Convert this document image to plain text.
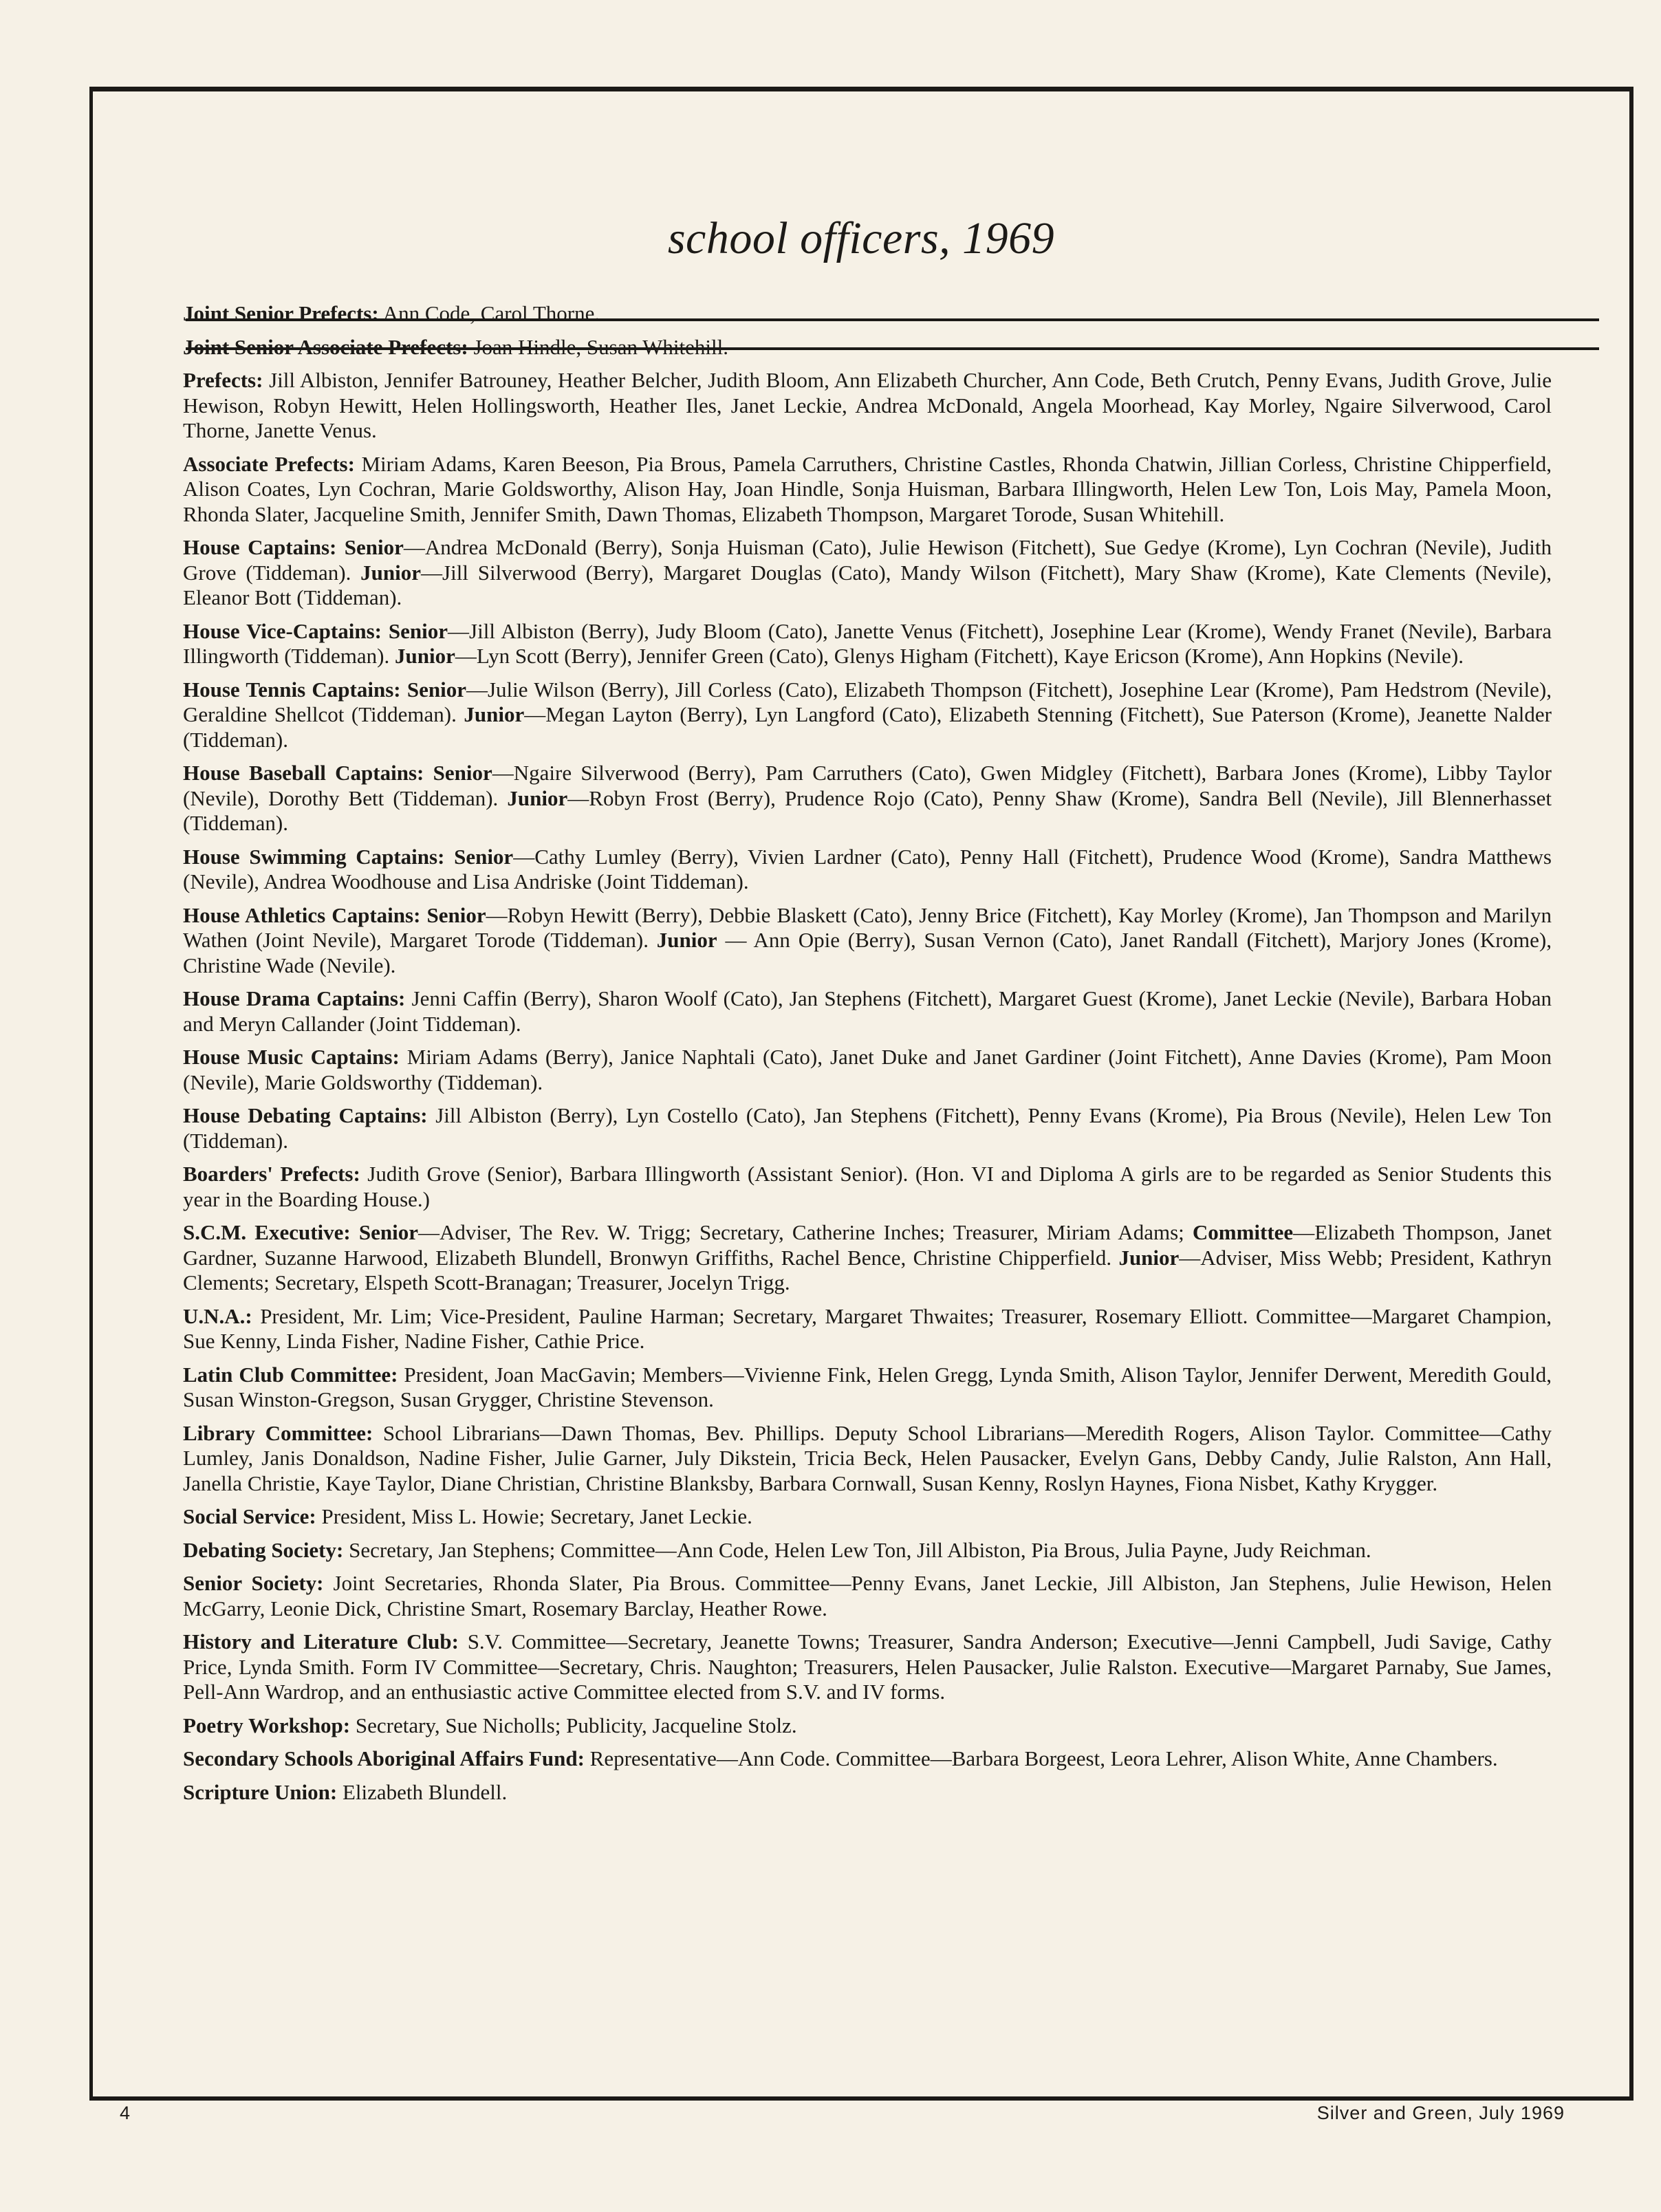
school officers, 1969

Joint Senior Prefects: Ann Code, Carol Thorne.

Joint Senior Associate Prefects: Joan Hindle, Susan Whitehill.

Prefects: Jill Albiston, Jennifer Batrouney, Heather Belcher, Judith Bloom, Ann Elizabeth Churcher, Ann Code, Beth Crutch, Penny Evans, Judith Grove, Julie Hewison, Robyn Hewitt, Helen Hollingsworth, Heather Iles, Janet Leckie, Andrea McDonald, Angela Moorhead, Kay Morley, Ngaire Silverwood, Carol Thorne, Janette Venus.

Associate Prefects: Miriam Adams, Karen Beeson, Pia Brous, Pamela Carruthers, Christine Castles, Rhonda Chatwin, Jillian Corless, Christine Chipperfield, Alison Coates, Lyn Cochran, Marie Goldsworthy, Alison Hay, Joan Hindle, Sonja Huisman, Barbara Illingworth, Helen Lew Ton, Lois May, Pamela Moon, Rhonda Slater, Jacqueline Smith, Jennifer Smith, Dawn Thomas, Elizabeth Thompson, Margaret Torode, Susan Whitehill.

House Captains: Senior—Andrea McDonald (Berry), Sonja Huisman (Cato), Julie Hewison (Fitchett), Sue Gedye (Krome), Lyn Cochran (Nevile), Judith Grove (Tiddeman). Junior—Jill Silverwood (Berry), Margaret Douglas (Cato), Mandy Wilson (Fitchett), Mary Shaw (Krome), Kate Clements (Nevile), Eleanor Bott (Tiddeman).

House Vice-Captains: Senior—Jill Albiston (Berry), Judy Bloom (Cato), Janette Venus (Fitchett), Josephine Lear (Krome), Wendy Franet (Nevile), Barbara Illingworth (Tiddeman). Junior—Lyn Scott (Berry), Jennifer Green (Cato), Glenys Higham (Fitchett), Kaye Ericson (Krome), Ann Hopkins (Nevile).

House Tennis Captains: Senior—Julie Wilson (Berry), Jill Corless (Cato), Elizabeth Thompson (Fitchett), Josephine Lear (Krome), Pam Hedstrom (Nevile), Geraldine Shellcot (Tiddeman). Junior—Megan Layton (Berry), Lyn Langford (Cato), Elizabeth Stenning (Fitchett), Sue Paterson (Krome), Jeanette Nalder (Tiddeman).

House Baseball Captains: Senior—Ngaire Silverwood (Berry), Pam Carruthers (Cato), Gwen Midgley (Fitchett), Barbara Jones (Krome), Libby Taylor (Nevile), Dorothy Bett (Tiddeman). Junior—Robyn Frost (Berry), Prudence Rojo (Cato), Penny Shaw (Krome), Sandra Bell (Nevile), Jill Blennerhasset (Tiddeman).

House Swimming Captains: Senior—Cathy Lumley (Berry), Vivien Lardner (Cato), Penny Hall (Fitchett), Prudence Wood (Krome), Sandra Matthews (Nevile), Andrea Woodhouse and Lisa Andriske (Joint Tiddeman).

House Athletics Captains: Senior—Robyn Hewitt (Berry), Debbie Blaskett (Cato), Jenny Brice (Fitchett), Kay Morley (Krome), Jan Thompson and Marilyn Wathen (Joint Nevile), Margaret Torode (Tiddeman). Junior — Ann Opie (Berry), Susan Vernon (Cato), Janet Randall (Fitchett), Marjory Jones (Krome), Christine Wade (Nevile).

House Drama Captains: Jenni Caffin (Berry), Sharon Woolf (Cato), Jan Stephens (Fitchett), Margaret Guest (Krome), Janet Leckie (Nevile), Barbara Hoban and Meryn Callander (Joint Tiddeman).

House Music Captains: Miriam Adams (Berry), Janice Naphtali (Cato), Janet Duke and Janet Gardiner (Joint Fitchett), Anne Davies (Krome), Pam Moon (Nevile), Marie Goldsworthy (Tiddeman).

House Debating Captains: Jill Albiston (Berry), Lyn Costello (Cato), Jan Stephens (Fitchett), Penny Evans (Krome), Pia Brous (Nevile), Helen Lew Ton (Tiddeman).

Boarders' Prefects: Judith Grove (Senior), Barbara Illingworth (Assistant Senior). (Hon. VI and Diploma A girls are to be regarded as Senior Students this year in the Boarding House.)

S.C.M. Executive: Senior—Adviser, The Rev. W. Trigg; Secretary, Catherine Inches; Treasurer, Miriam Adams; Committee—Elizabeth Thompson, Janet Gardner, Suzanne Harwood, Elizabeth Blundell, Bronwyn Griffiths, Rachel Bence, Christine Chipperfield. Junior—Adviser, Miss Webb; President, Kathryn Clements; Secretary, Elspeth Scott-Branagan; Treasurer, Jocelyn Trigg.

U.N.A.: President, Mr. Lim; Vice-President, Pauline Harman; Secretary, Margaret Thwaites; Treasurer, Rosemary Elliott. Committee—Margaret Champion, Sue Kenny, Linda Fisher, Nadine Fisher, Cathie Price.

Latin Club Committee: President, Joan MacGavin; Members—Vivienne Fink, Helen Gregg, Lynda Smith, Alison Taylor, Jennifer Derwent, Meredith Gould, Susan Winston-Gregson, Susan Grygger, Christine Stevenson.

Library Committee: School Librarians—Dawn Thomas, Bev. Phillips. Deputy School Librarians—Meredith Rogers, Alison Taylor. Committee—Cathy Lumley, Janis Donaldson, Nadine Fisher, Julie Garner, July Dikstein, Tricia Beck, Helen Pausacker, Evelyn Gans, Debby Candy, Julie Ralston, Ann Hall, Janella Christie, Kaye Taylor, Diane Christian, Christine Blanksby, Barbara Cornwall, Susan Kenny, Roslyn Haynes, Fiona Nisbet, Kathy Krygger.

Social Service: President, Miss L. Howie; Secretary, Janet Leckie.

Debating Society: Secretary, Jan Stephens; Committee—Ann Code, Helen Lew Ton, Jill Albiston, Pia Brous, Julia Payne, Judy Reichman.

Senior Society: Joint Secretaries, Rhonda Slater, Pia Brous. Committee—Penny Evans, Janet Leckie, Jill Albiston, Jan Stephens, Julie Hewison, Helen McGarry, Leonie Dick, Christine Smart, Rosemary Barclay, Heather Rowe.

History and Literature Club: S.V. Committee—Secretary, Jeanette Towns; Treasurer, Sandra Anderson; Executive—Jenni Campbell, Judi Savige, Cathy Price, Lynda Smith. Form IV Committee—Secretary, Chris. Naughton; Treasurers, Helen Pausacker, Julie Ralston. Executive—Margaret Parnaby, Sue James, Pell-Ann Wardrop, and an enthusiastic active Committee elected from S.V. and IV forms.

Poetry Workshop: Secretary, Sue Nicholls; Publicity, Jacqueline Stolz.

Secondary Schools Aboriginal Affairs Fund: Representative—Ann Code. Committee—Barbara Borgeest, Leora Lehrer, Alison White, Anne Chambers.

Scripture Union: Elizabeth Blundell.

4	Silver and Green, July 1969
